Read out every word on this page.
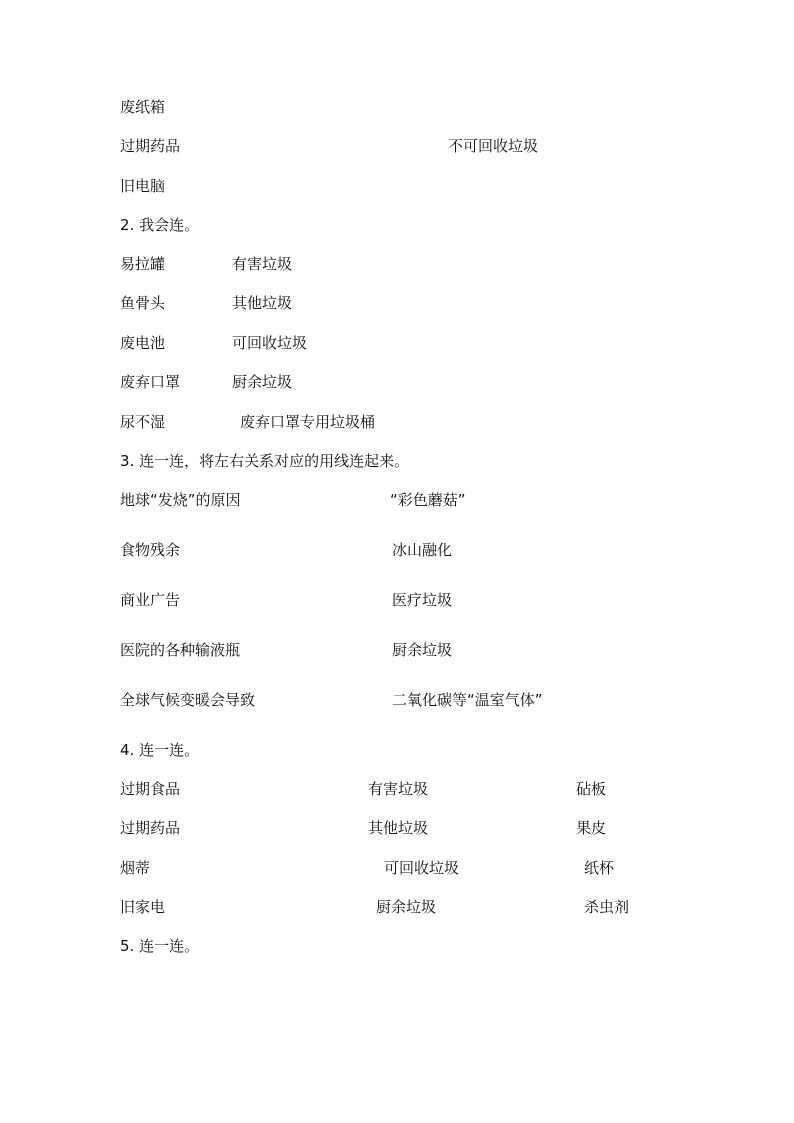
废纸箱
过期药品	不可回收垃圾
旧电脑
2. 我会连。
易拉罐	有害垃圾
鱼骨头	其他垃圾
废电池	可回收垃圾
废弃口罩	厨余垃圾
尿不湿	废弃口罩专用垃圾桶
3. 连一连，将左右关系对应的用线连起来。
地球“发烧”的原因	“彩色蘑菇”
食物残余	冰山融化
商业广告	医疗垃圾
医院的各种输液瓶	厨余垃圾
全球气候变暖会导致	二氧化碳等“温室气体”
4. 连一连。
过期食品	有害垃圾	砧板
过期药品	其他垃圾	果皮
烟蒂	可回收垃圾	纸杯
旧家电	厨余垃圾	杀虫剂
5. 连一连。
